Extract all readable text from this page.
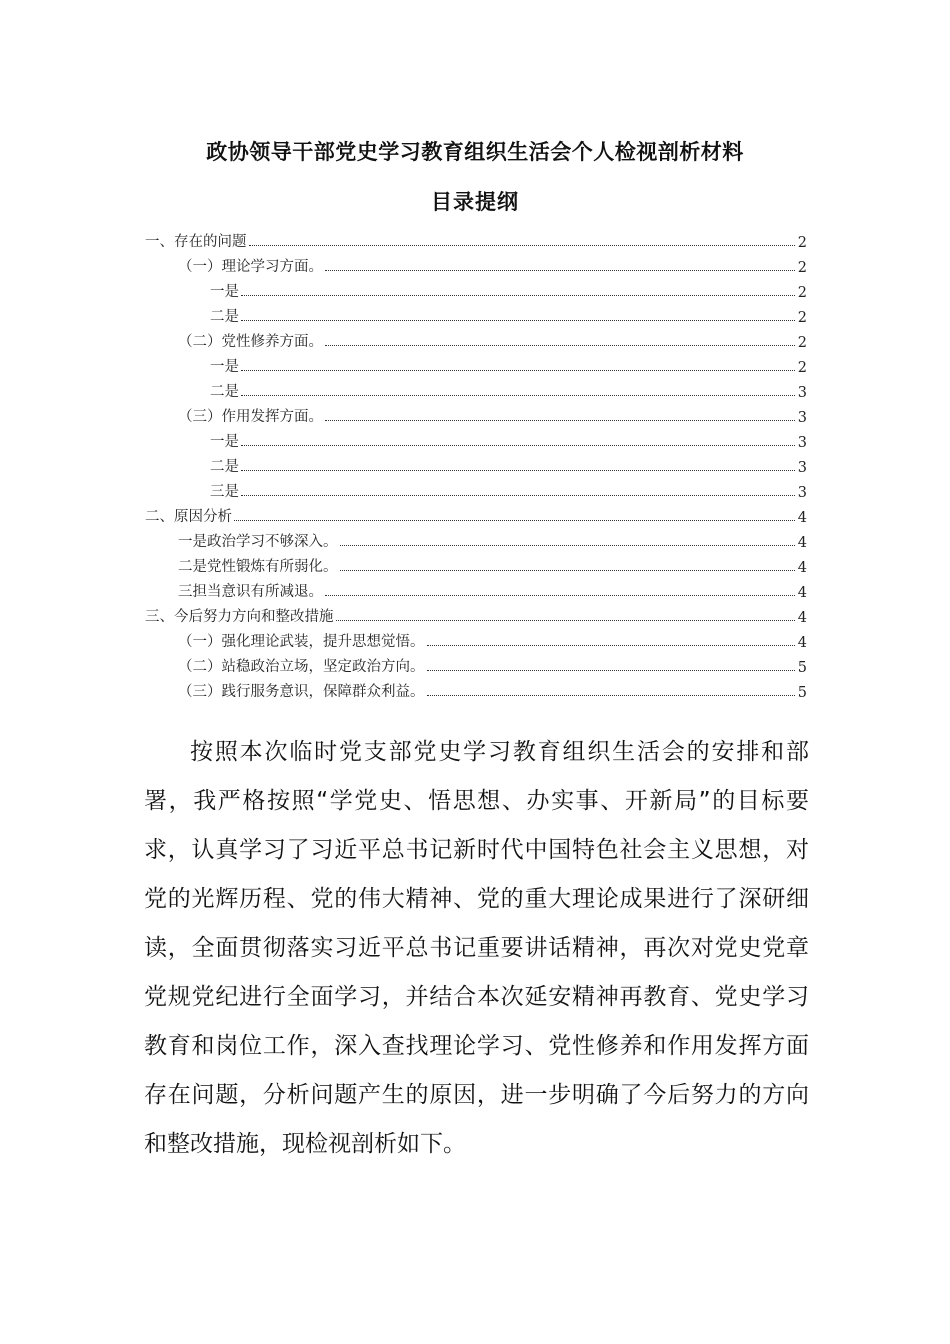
政协领导干部党史学习教育组织生活会个人检视剖析材料
目录提纲
一、存在的问题	2
（一）理论学习方面。	2
一是	2
二是	2
（二）党性修养方面。	2
一是	2
二是	3
（三）作用发挥方面。	3
一是	3
二是	3
三是	3
二、原因分析	4
一是政治学习不够深入。	4
二是党性锻炼有所弱化。	4
三担当意识有所减退。	4
三、今后努力方向和整改措施	4
（一）强化理论武装，提升思想觉悟。	4
（二）站稳政治立场，坚定政治方向。	5
（三）践行服务意识，保障群众利益。	5

按照本次临时党支部党史学习教育组织生活会的安排和部署，我严格按照“学党史、悟思想、办实事、开新局”的目标要求，认真学习了习近平总书记新时代中国特色社会主义思想，对党的光辉历程、党的伟大精神、党的重大理论成果进行了深研细读，全面贯彻落实习近平总书记重要讲话精神，再次对党史党章党规党纪进行全面学习，并结合本次延安精神再教育、党史学习教育和岗位工作，深入查找理论学习、党性修养和作用发挥方面存在问题，分析问题产生的原因，进一步明确了今后努力的方向和整改措施，现检视剖析如下。
